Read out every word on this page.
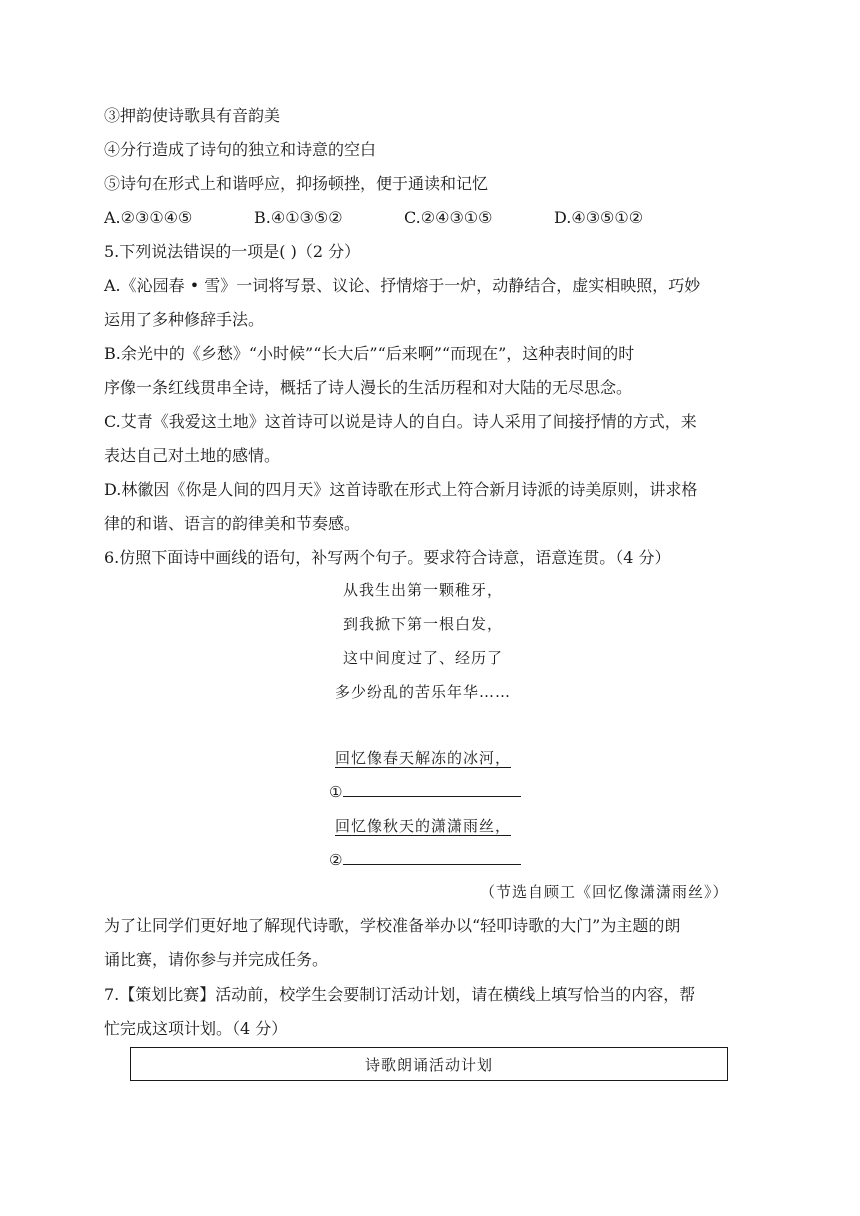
③押韵使诗歌具有音韵美
④分行造成了诗句的独立和诗意的空白
⑤诗句在形式上和谐呼应，抑扬顿挫，便于通读和记忆
A.②③①④⑤	B.④①③⑤②	C.②④③①⑤	D.④③⑤①②
5.下列说法错误的一项是( )（2 分）
A.《沁园春 • 雪》一词将写景、议论、抒情熔于一炉，动静结合，虚实相映照，巧妙
运用了多种修辞手法。
B.余光中的《乡愁》“小时候”“长大后”“后来啊”“而现在”，这种表时间的时
序像一条红线贯串全诗，概括了诗人漫长的生活历程和对大陆的无尽思念。
C.艾青《我爱这土地》这首诗可以说是诗人的自白。诗人采用了间接抒情的方式，来
表达自己对土地的感情。
D.林徽因《你是人间的四月天》这首诗歌在形式上符合新月诗派的诗美原则，讲求格
律的和谐、语言的韵律美和节奏感。
6.仿照下面诗中画线的语句，补写两个句子。要求符合诗意，语意连贯。（4 分）
从我生出第一颗稚牙，
到我掀下第一根白发，
这中间度过了、经历了
多少纷乱的苦乐年华……
回忆像春天解冻的冰河，
①
回忆像秋天的潇潇雨丝，
②
（节选自顾工《回忆像潇潇雨丝》）
为了让同学们更好地了解现代诗歌，学校准备举办以“轻叩诗歌的大门”为主题的朗
诵比赛，请你参与并完成任务。
7.【策划比赛】活动前，校学生会要制订活动计划，请在横线上填写恰当的内容，帮
忙完成这项计划。（4 分）
诗歌朗诵活动计划
